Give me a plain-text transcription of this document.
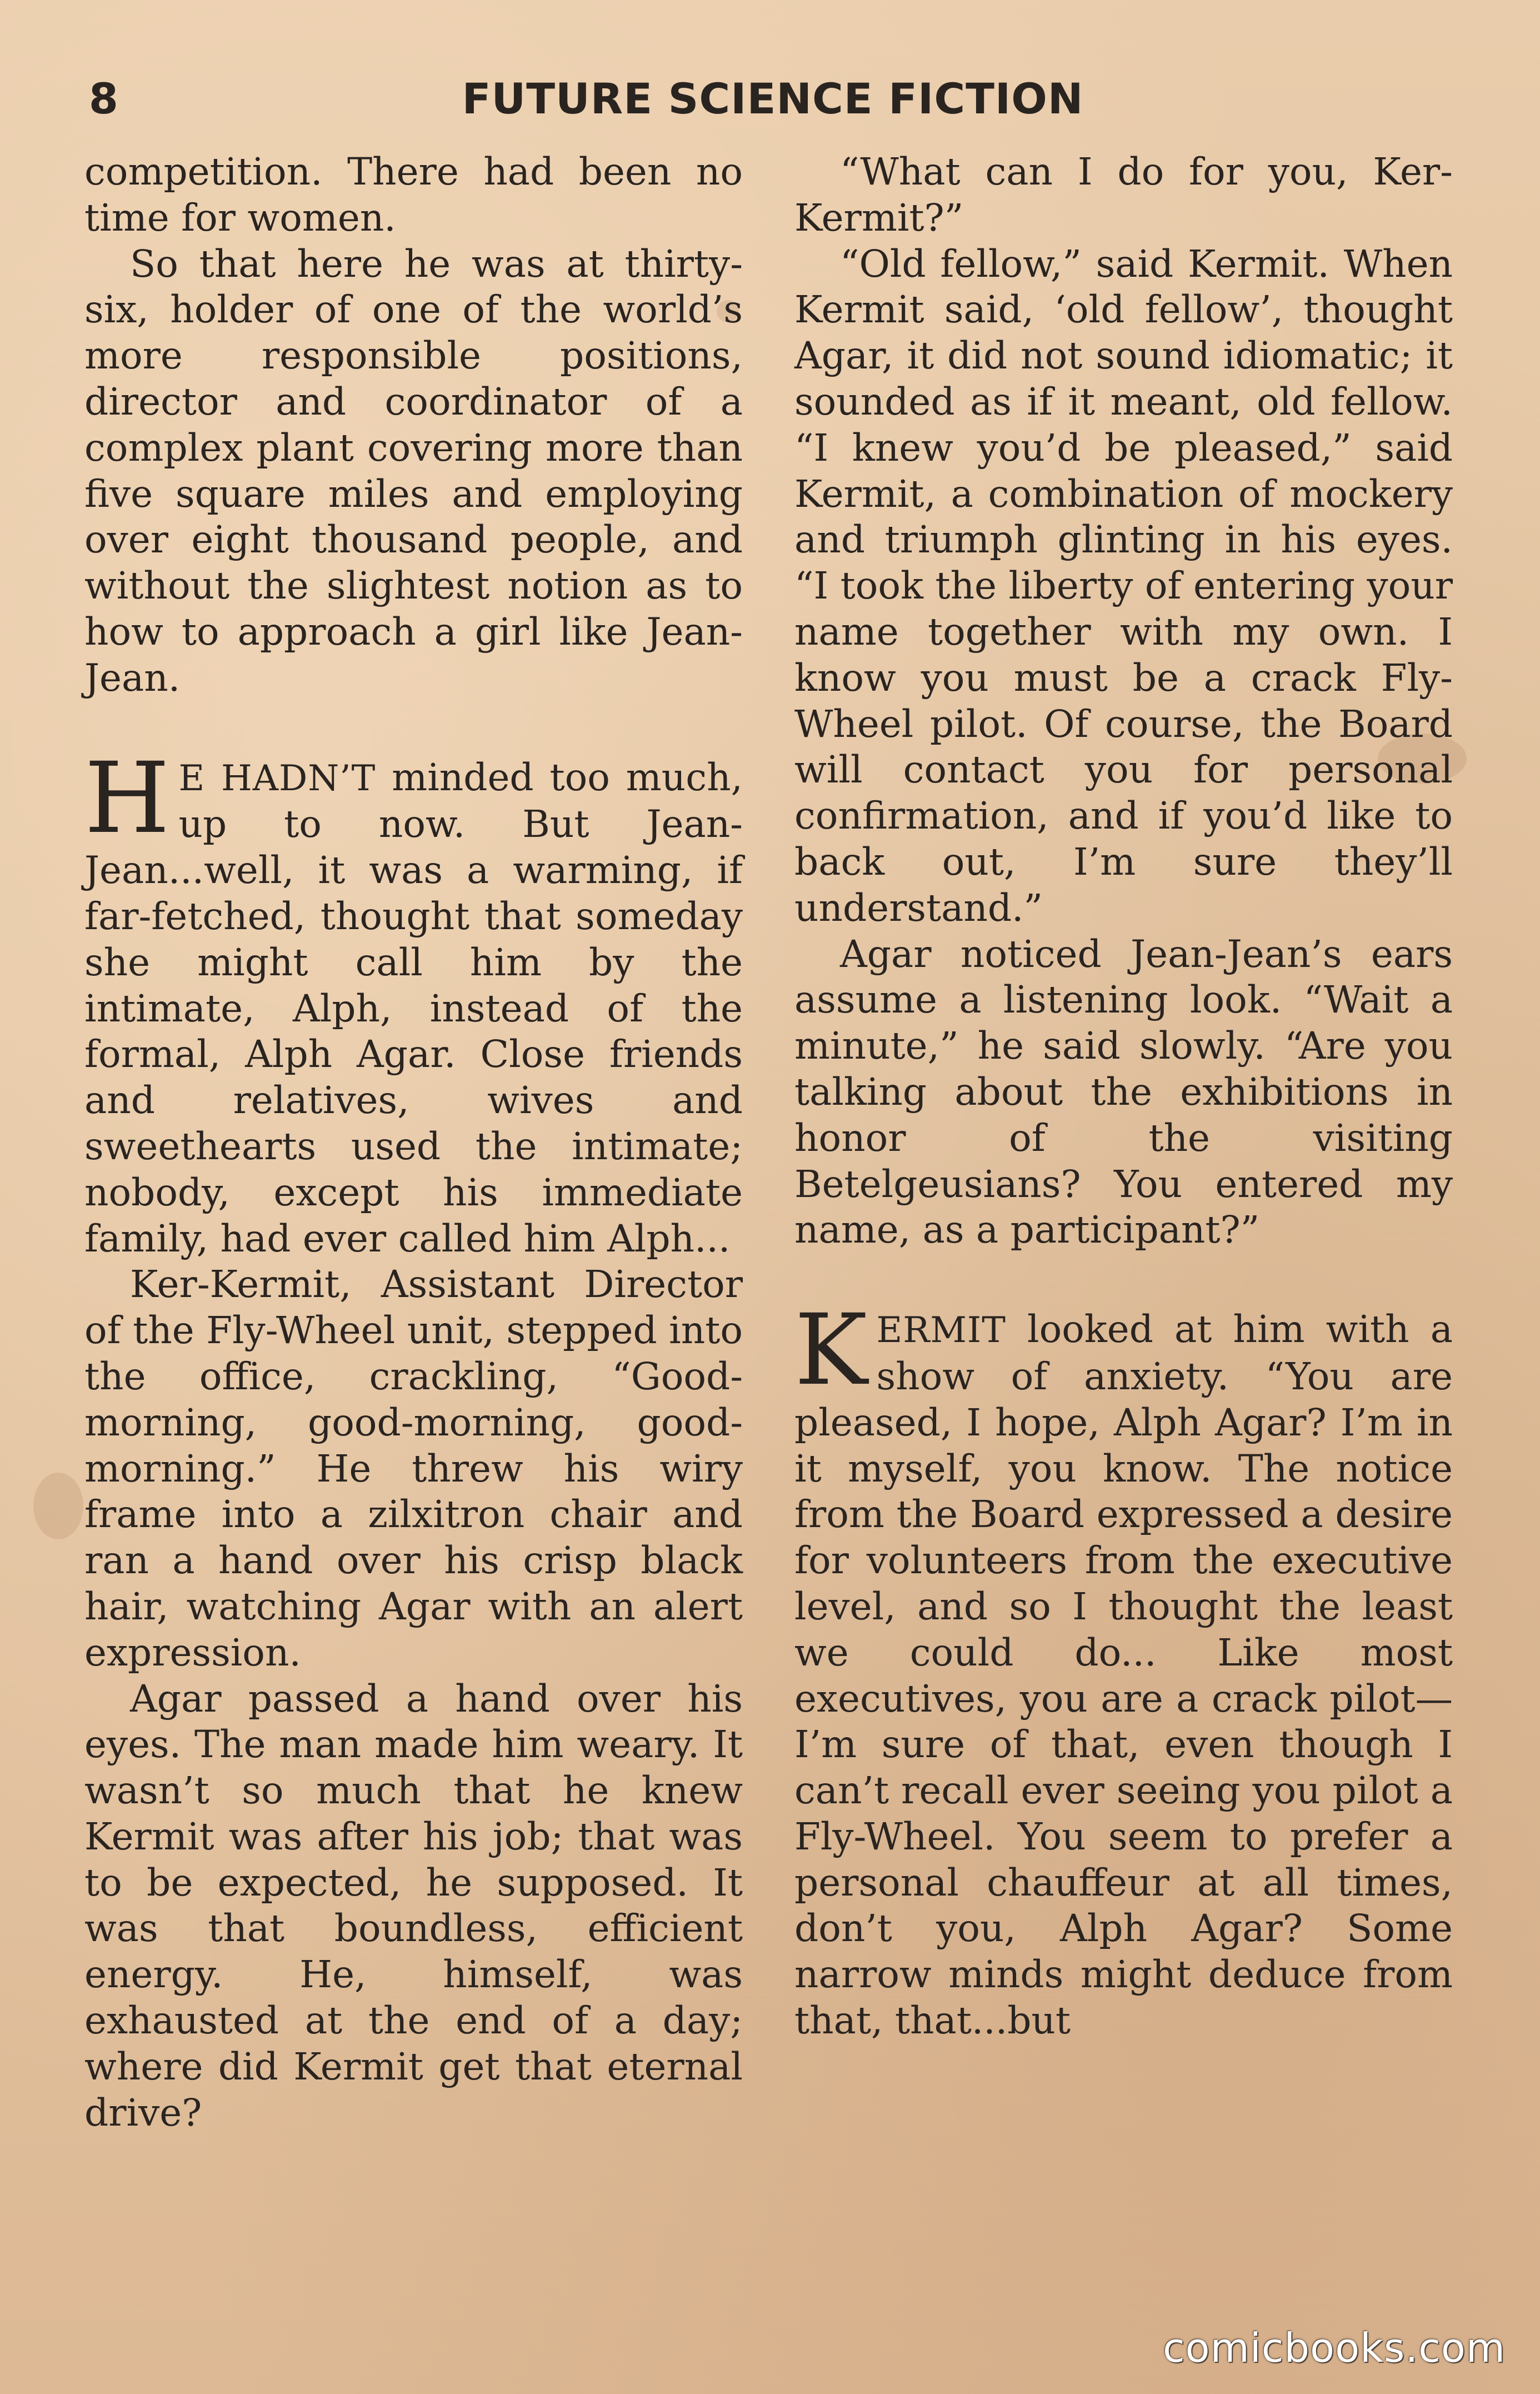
8	FUTURE SCIENCE FICTION

competition. There had been no time for women.

So that here he was at thirty-six, holder of one of the world’s more responsible positions, director and coordinator of a complex plant covering more than five square miles and employing over eight thousand people, and without the slightest notion as to how to approach a girl like Jean-Jean.

H E HADN’T minded too much, up to now. But Jean-Jean...well, it was a warming, if far-fetched, thought that someday she might call him by the intimate, Alph, instead of the formal, Alph Agar. Close friends and relatives, wives and sweethearts used the intimate; nobody, except his immediate family, had ever called him Alph...

Ker-Kermit, Assistant Director of the Fly-Wheel unit, stepped into the office, crackling, “Good-morning, good-morning, good-morning.” He threw his wiry frame into a zilxitron chair and ran a hand over his crisp black hair, watching Agar with an alert expression.

Agar passed a hand over his eyes. The man made him weary. It wasn’t so much that he knew Kermit was after his job; that was to be expected, he supposed. It was that boundless, efficient energy. He, himself, was exhausted at the end of a day; where did Kermit get that eternal drive?

“What can I do for you, Ker-Kermit?”

“Old fellow,” said Kermit. When Kermit said, ‘old fellow’, thought Agar, it did not sound idiomatic; it sounded as if it meant, old fellow. “I knew you’d be pleased,” said Kermit, a combination of mockery and triumph glinting in his eyes. “I took the liberty of entering your name together with my own. I know you must be a crack Fly-Wheel pilot. Of course, the Board will contact you for personal confirmation, and if you’d like to back out, I’m sure they’ll understand.”

Agar noticed Jean-Jean’s ears assume a listening look. “Wait a minute,” he said slowly. “Are you talking about the exhibitions in honor of the visiting Betelgeusians? You entered my name, as a participant?”

KERMIT looked at him with a show of anxiety. “You are pleased, I hope, Alph Agar? I’m in it myself, you know. The notice from the Board expressed a desire for volunteers from the executive level, and so I thought the least we could do... Like most executives, you are a crack pilot— I’m sure of that, even though I can’t recall ever seeing you pilot a Fly-Wheel. You seem to prefer a personal chauffeur at all times, don’t you, Alph Agar? Some narrow minds might deduce from that, that...but

comicbooks.com
